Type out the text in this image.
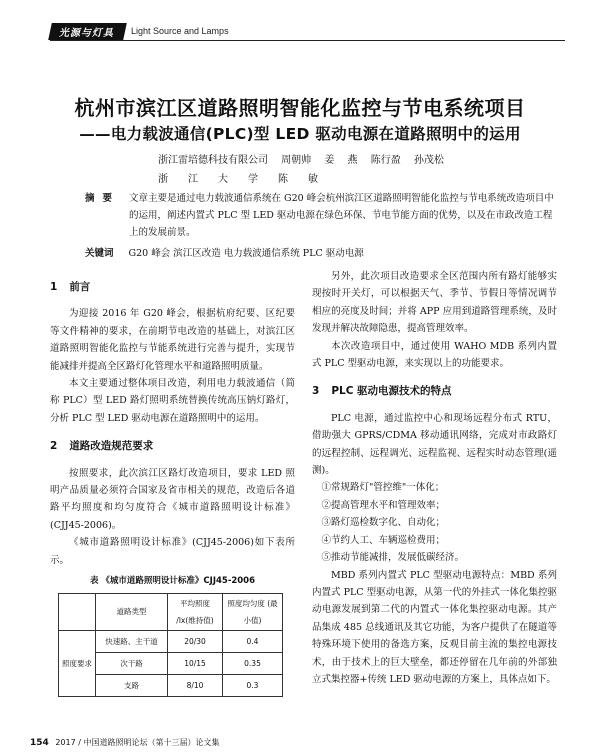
光源与灯具	Light Source and Lamps
杭州市滨江区道路照明智能化监控与节电系统项目
——电力载波通信(PLC)型 LED 驱动电源在道路照明中的运用
浙江雷培德科技有限公司 周朝帅 姜 燕 陈行盈 孙茂松
浙江大学陈敏
摘要 文章主要是通过电力载波通信系统在 G20 峰会杭州滨江区道路照明智能化监控与节电系统改造项目中的运用，阐述内置式 PLC 型 LED 驱动电源在绿色环保、节电节能方面的优势，以及在市政改造工程上的发展前景。
关键词 G20 峰会 滨江区改造 电力载波通信系统 PLC 驱动电源
1 前言

为迎接 2016 年 G20 峰会，根据杭府纪要、区纪要等文件精神的要求，在前期节电改造的基础上，对滨江区道路照明智能化监控与节能系统进行完善与提升，实现节能减排并提高全区路灯化管理水平和道路照明质量。

本文主要通过整体项目改造，利用电力载波通信（简称 PLC）型 LED 路灯照明系统替换传统高压钠灯路灯，分析 PLC 型 LED 驱动电源在道路照明中的运用。

2 道路改造规范要求

按照要求，此次滨江区路灯改造项目，要求 LED 照明产品质量必须符合国家及省市相关的规范，改造后各道路平均照度和均匀度符合《城市道路照明设计标准》(CJJ45-2006)。

《城市道路照明设计标准》(CJJ45-2006)如下表所示。

表 《城市道路照明设计标准》CJJ45-2006
	道路类型	平均照度 /lx(维持值)	照度均匀度 (最小值)
照度要求	快速路、主干道	20/30	0.4
	次干路	10/15	0.35
	支路	8/10	0.3

另外，此次项目改造要求全区范围内所有路灯能够实现按时开关灯，可以根据天气、季节、节假日等情况调节相应的亮度及时间；并将 APP 应用到道路管理系统，及时发现并解决故障隐患，提高管理效率。

本次改造项目中，通过使用 WAHO MDB 系列内置式 PLC 型驱动电源，来实现以上的功能要求。

3 PLC 驱动电源技术的特点

PLC 电源，通过监控中心和现场远程分布式 RTU，借助强大 GPRS/CDMA 移动通讯网络，完成对市政路灯的远程控制、远程调光、远程监视、远程实时动态管理(遥测)。

①常规路灯"管控维"一体化；

②提高管理水平和管理效率；

③路灯巡检数字化、自动化；

④节约人工、车辆巡检费用；

⑤推动节能减排，发展低碳经济。

MBD 系列内置式 PLC 型驱动电源特点：MBD 系列内置式 PLC 型驱动电源，从第一代的外挂式一体化集控驱动电源发展到第二代的内置式一体化集控驱动电源。其产品集成 485 总线通讯及其它功能，为客户提供了在隧道等特殊环境下使用的备选方案，反观目前主流的集控电源技术，由于技术上的巨大壁垒，都还停留在几年前的外部独立式集控器+传统 LED 驱动电源的方案上，具体点如下。

154 2017 / 中国道路照明论坛（第十三届）论文集
